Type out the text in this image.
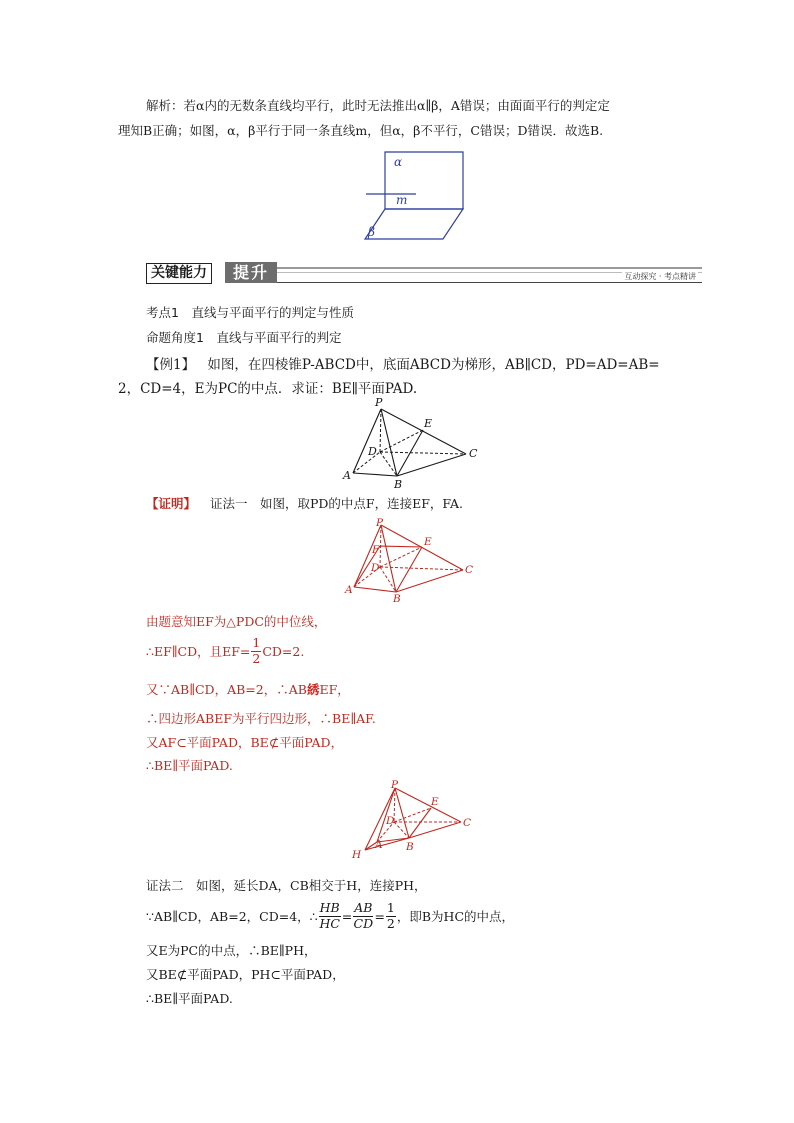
解析：若α内的无数条直线均平行，此时无法推出α∥β，A错误；由面面平行的判定定
理知B正确；如图，α，β平行于同一条直线m，但α，β不平行，C错误；D错误．故选B.
α
m
β
关键能力	提升	互动探究 · 考点精讲
考点1　直线与平面平行的判定与性质
命题角度1　直线与平面平行的判定
【例1】 如图，在四棱锥P-ABCD中，底面ABCD为梯形，AB∥CD，PD=AD=AB=
2，CD=4，E为PC的中点．求证：BE∥平面PAD.
P
E
D	C
A
B
【证明】 证法一　如图，取PD的中点F，连接EF，FA.
P
E
F
D	C
A
B
由题意知EF为△PDC的中位线，
∴EF∥CD，且$EF= \frac{1}{2} CD=2$.
又∵AB∥CD，AB=2，∴AB綉EF，
∴四边形ABEF为平行四边形，∴BE∥AF.
又AF⊂平面PAD，BE⊄平面PAD，
∴BE∥平面PAD.
P
E
D	C
A B
H
证法二　如图，延长DA，CB相交于H，连接PH，
∵AB∥CD，AB=2，CD=4，∴ $\frac{HB}{HC} = \frac{AB}{CD} = \frac{1}{2}$ ，即B为HC的中点，
又E为PC的中点，∴BE∥PH，
又BE⊄平面PAD，PH⊂平面PAD，
∴BE∥平面PAD.
